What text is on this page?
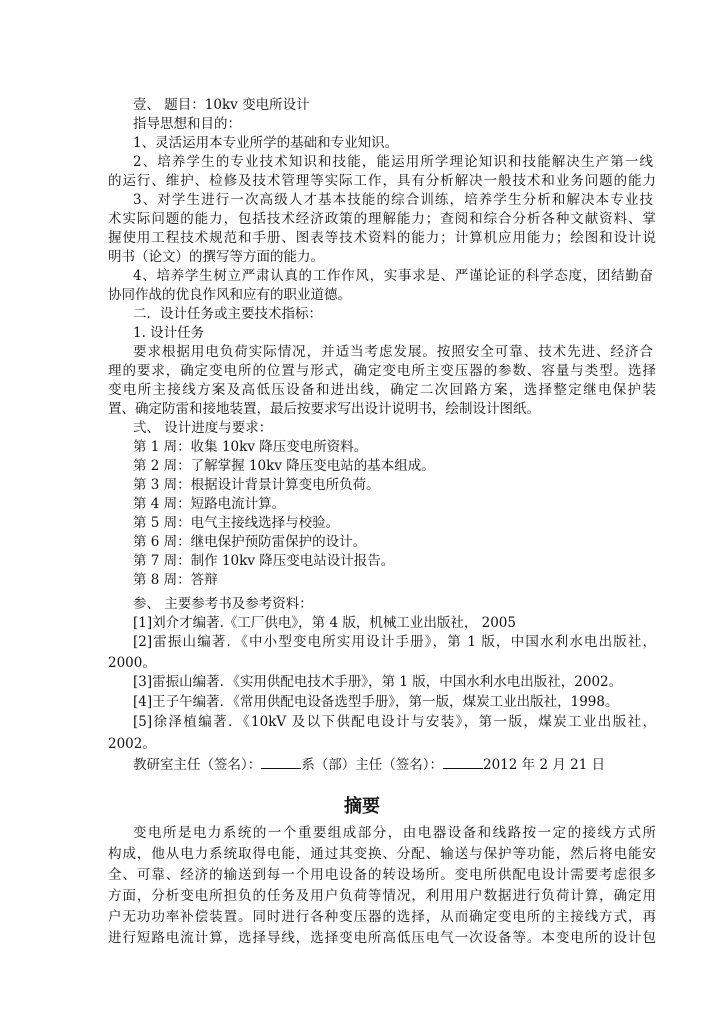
壹、 题目：10kv 变电所设计
指导思想和目的：
1、灵活运用本专业所学的基础和专业知识。
2、培养学生的专业技术知识和技能，能运用所学理论知识和技能解决生产第一线
的运行、维护、检修及技术管理等实际工作，具有分析解决一般技术和业务问题的能力
3、对学生进行一次高级人才基本技能的综合训练，培养学生分析和解决本专业技
术实际问题的能力，包括技术经济政策的理解能力；查阅和综合分析各种文献资料、掌
握使用工程技术规范和手册、图表等技术资料的能力；计算机应用能力；绘图和设计说
明书（论文）的撰写等方面的能力。
4、培养学生树立严肃认真的工作作风，实事求是、严谨论证的科学态度，团结勤奋
协同作战的优良作风和应有的职业道德。
二．设计任务或主要技术指标：
1. 设计任务
要求根据用电负荷实际情况，并适当考虑发展。按照安全可靠、技术先进、经济合
理的要求，确定变电所的位置与形式，确定变电所主变压器的参数、容量与类型。选择
变电所主接线方案及高低压设备和进出线，确定二次回路方案，选择整定继电保护装
置、确定防雷和接地装置，最后按要求写出设计说明书，绘制设计图纸。
弍、 设计进度与要求：
第 1 周：收集 10kv 降压变电所资料。
第 2 周：了解掌握 10kv 降压变电站的基本组成。
第 3 周：根据设计背景计算变电所负荷。
第 4 周：短路电流计算。
第 5 周：电气主接线选择与校验。
第 6 周：继电保护预防雷保护的设计。
第 7 周：制作 10kv 降压变电站设计报告。
第 8 周：答辩
参、 主要参考书及参考资料：
[1]刘介才编著.《工厂供电》，第 4 版，机械工业出版社， 2005
[2]雷振山编著．《中小型变电所实用设计手册》，第 1 版，中国水利水电出版社，
2000。
[3]雷振山编著．《实用供配电技术手册》，第 1 版，中国水利水电出版社，2002。
[4]王子午编著．《常用供配电设备选型手册》，第一版，煤炭工业出版社，1998。
[5]徐泽植编著．《10kV 及以下供配电设计与安装》，第一版，煤炭工业出版社，
2002。
教研室主任（签名）：	系（部）主任（签名）：	2012 年 2 月 21 日
摘要
变电所是电力系统的一个重要组成部分，由电器设备和线路按一定的接线方式所
构成，他从电力系统取得电能，通过其变换、分配、输送与保护等功能，然后将电能安
全、可靠、经济的输送到每一个用电设备的转设场所。变电所供配电设计需要考虑很多
方面，分析变电所担负的任务及用户负荷等情况，利用用户数据进行负荷计算，确定用
户无功功率补偿装置。同时进行各种变压器的选择，从而确定变电所的主接线方式，再
进行短路电流计算，选择导线，选择变电所高低压电气一次设备等。本变电所的设计包
